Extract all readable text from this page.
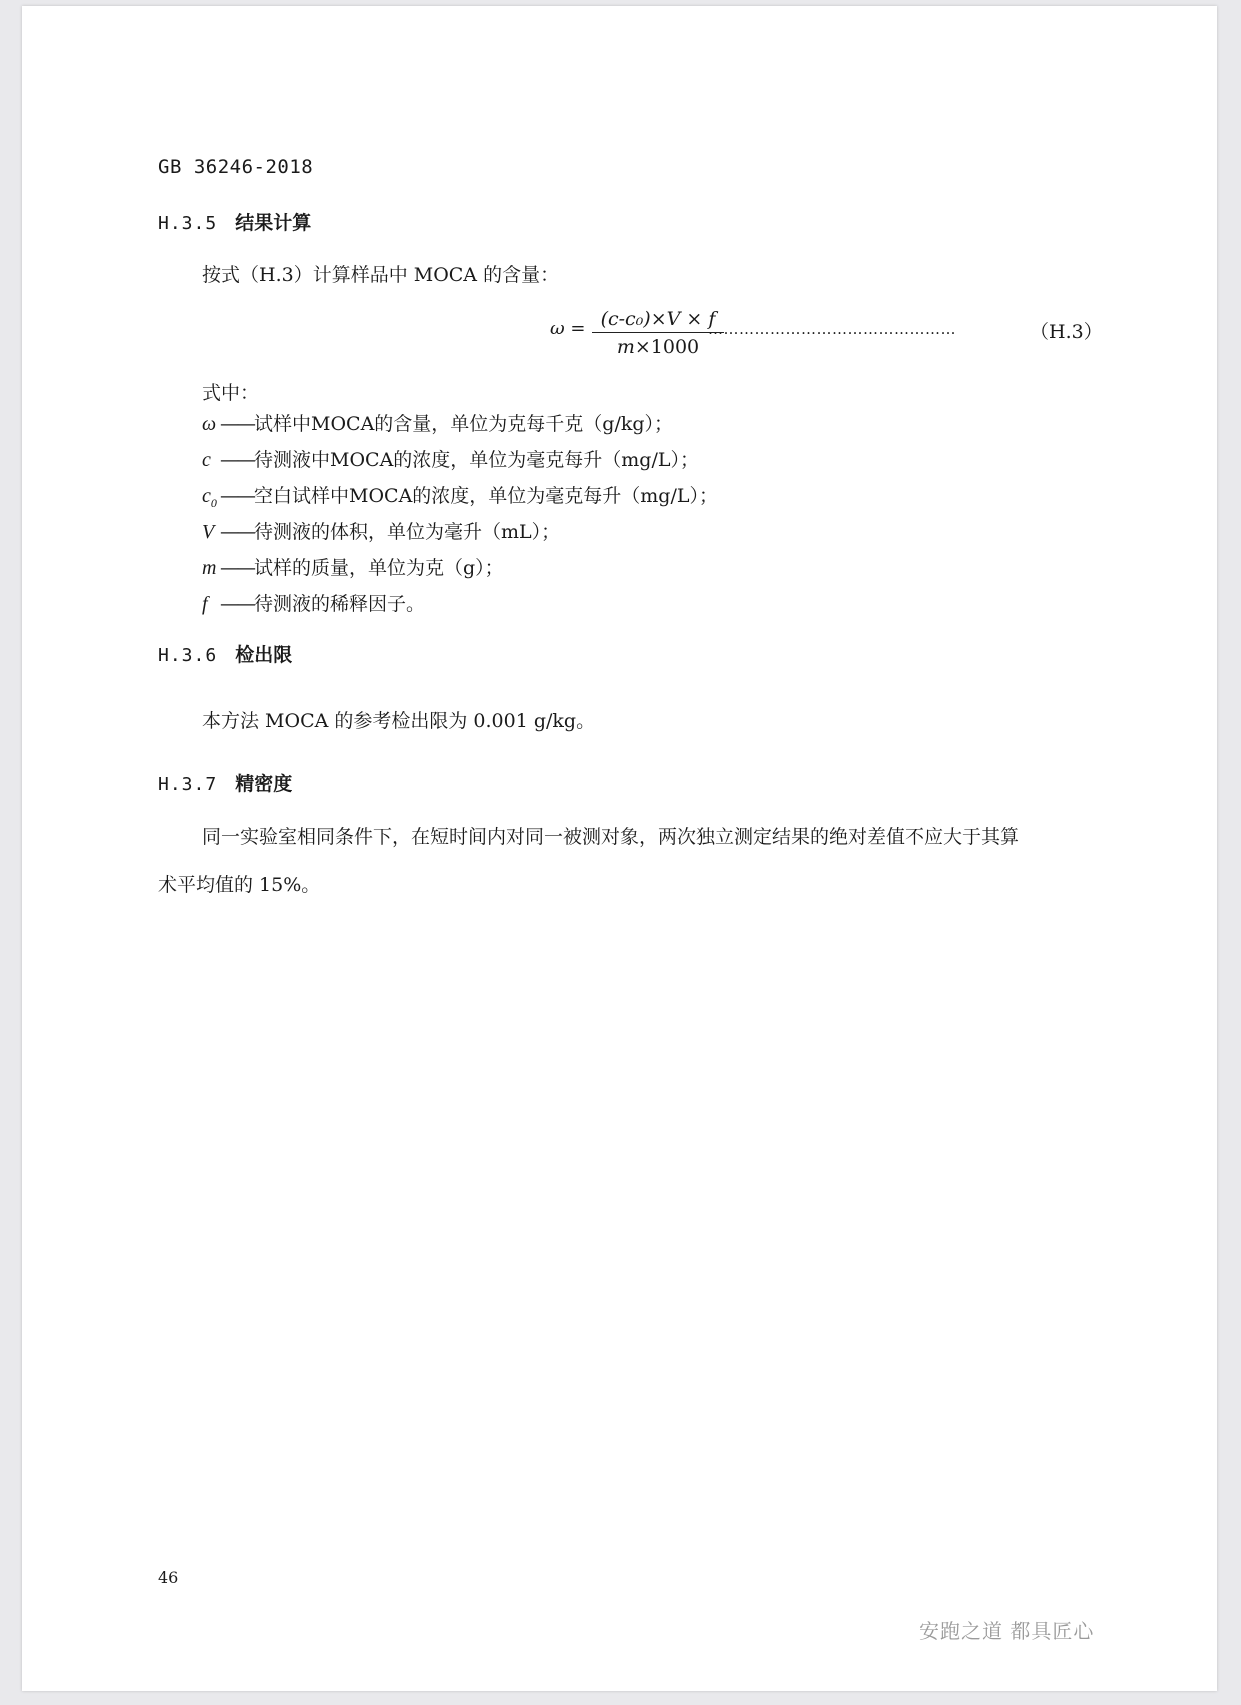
GB 36246-2018
H.3.5 结果计算
按式（H.3）计算样品中 MOCA 的含量：
ω = (c-c₀)×V × f
m×1000
…………………………………………	（H.3）
式中：
ω ——试样中MOCA的含量，单位为克每千克（g/kg）；
c ——待测液中MOCA的浓度，单位为毫克每升（mg/L）；
$c_0$ ——空白试样中MOCA的浓度，单位为毫克每升（mg/L）；
V ——待测液的体积，单位为毫升（mL）；
m ——试样的质量，单位为克（g）；
f ——待测液的稀释因子。
H.3.6 检出限
本方法 MOCA 的参考检出限为 0.001 g/kg。
H.3.7 精密度
同一实验室相同条件下，在短时间内对同一被测对象，两次独立测定结果的绝对差值不应大于其算
术平均值的 15%。
46
安跑之道 都具匠心
